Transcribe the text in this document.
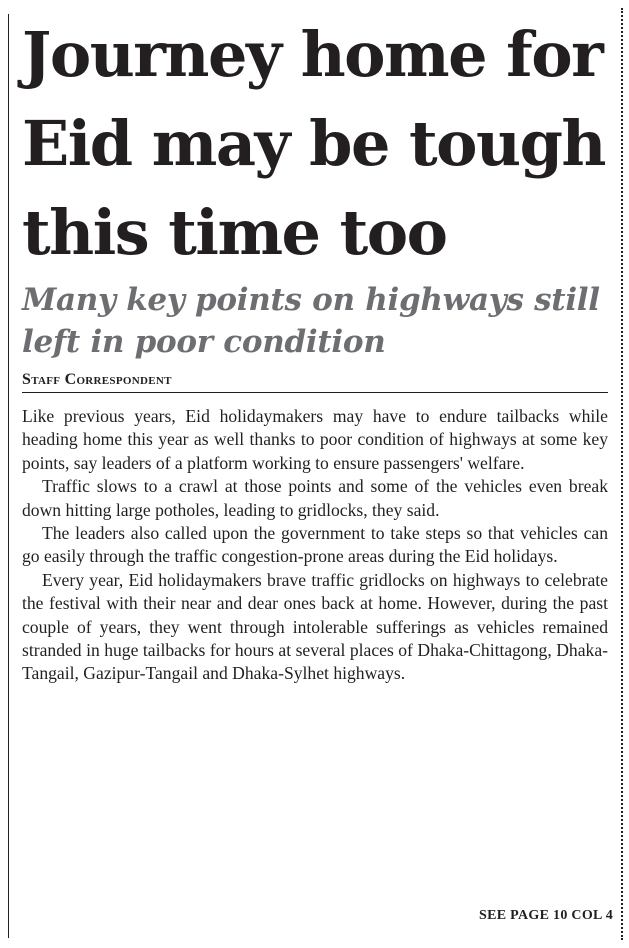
Journey home for Eid may be tough this time too
Many key points on highways still left in poor condition
Staff Correspondent

Like previous years, Eid holidaymakers may have to endure tailbacks while heading home this year as well thanks to poor condition of highways at some key points, say leaders of a platform working to ensure passengers' welfare.

Traffic slows to a crawl at those points and some of the vehicles even break down hitting large potholes, leading to gridlocks, they said.

The leaders also called upon the government to take steps so that vehicles can go easily through the traffic congestion-prone areas during the Eid holidays.

Every year, Eid holidaymakers brave traffic gridlocks on highways to celebrate the festival with their near and dear ones back at home. However, during the past couple of years, they went through intolerable sufferings as vehicles remained stranded in huge tailbacks for hours at several places of Dhaka-Chittagong, Dhaka-Tangail, Gazipur-Tangail and Dhaka-Sylhet highways.

SEE PAGE 10 COL 4
